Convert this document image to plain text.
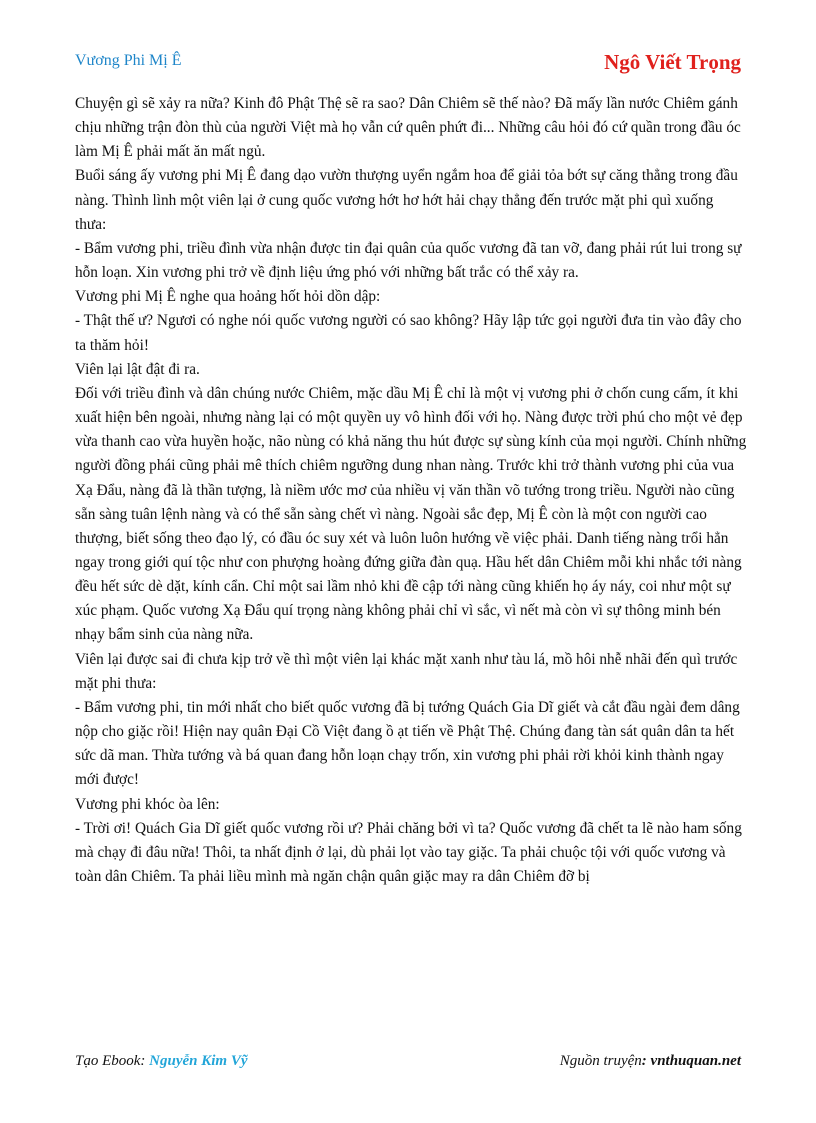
Vương Phi Mị Ê	Ngô Viết Trọng

Chuyện gì sẽ xảy ra nữa? Kinh đô Phật Thệ sẽ ra sao? Dân Chiêm sẽ thế nào? Đã mấy lần nước Chiêm gánh chịu những trận đòn thù của người Việt mà họ vẫn cứ quên phứt đi... Những câu hỏi đó cứ quần trong đầu óc làm Mị Ê phải mất ăn mất ngủ.

Buổi sáng ấy vương phi Mị Ê đang dạo vườn thượng uyển ngắm hoa để giải tỏa bớt sự căng thẳng trong đầu nàng. Thình lình một viên lại ở cung quốc vương hớt hơ hớt hải chạy thẳng đến trước mặt phi quì xuống thưa:

- Bẩm vương phi, triều đình vừa nhận được tin đại quân của quốc vương đã tan vỡ, đang phải rút lui trong sự hỗn loạn. Xin vương phi trở về định liệu ứng phó với những bất trắc có thể xảy ra.

Vương phi Mị Ê nghe qua hoảng hốt hỏi dồn dập:

- Thật thế ư? Ngươi có nghe nói quốc vương người có sao không? Hãy lập tức gọi người đưa tin vào đây cho ta thăm hỏi!

Viên lại lật đật đi ra.

Đối với triều đình và dân chúng nước Chiêm, mặc dầu Mị Ê chỉ là một vị vương phi ở chốn cung cấm, ít khi xuất hiện bên ngoài, nhưng nàng lại có một quyền uy vô hình đối với họ. Nàng được trời phú cho một vẻ đẹp vừa thanh cao vừa huyền hoặc, não nùng có khả năng thu hút được sự sùng kính của mọi người. Chính những người đồng phái cũng phải mê thích chiêm ngưỡng dung nhan nàng. Trước khi trở thành vương phi của vua Xạ Đẩu, nàng đã là thần tượng, là niềm ước mơ của nhiều vị văn thần võ tướng trong triều. Người nào cũng sẵn sàng tuân lệnh nàng và có thể sẵn sàng chết vì nàng. Ngoài sắc đẹp, Mị Ê còn là một con người cao thượng, biết sống theo đạo lý, có đầu óc suy xét và luôn luôn hướng về việc phải. Danh tiếng nàng trổi hẳn ngay trong giới quí tộc như con phượng hoàng đứng giữa đàn quạ. Hầu hết dân Chiêm mỗi khi nhắc tới nàng đều hết sức dè dặt, kính cẩn. Chỉ một sai lầm nhỏ khi đề cập tới nàng cũng khiến họ áy náy, coi như một sự xúc phạm. Quốc vương Xạ Đẩu quí trọng nàng không phải chỉ vì sắc, vì nết mà còn vì sự thông minh bén nhạy bẩm sinh của nàng nữa.

Viên lại được sai đi chưa kịp trở về thì một viên lại khác mặt xanh như tàu lá, mồ hôi nhễ nhãi đến quì trước mặt phi thưa:

- Bẩm vương phi, tin mới nhất cho biết quốc vương đã bị tướng Quách Gia Dĩ giết và cắt đầu ngài đem dâng nộp cho giặc rồi! Hiện nay quân Đại Cồ Việt đang ồ ạt tiến về Phật Thệ. Chúng đang tàn sát quân dân ta hết sức dã man. Thừa tướng và bá quan đang hỗn loạn chạy trốn, xin vương phi phải rời khỏi kinh thành ngay mới được!

Vương phi khóc òa lên:

- Trời ơi! Quách Gia Dĩ giết quốc vương rồi ư? Phải chăng bởi vì ta? Quốc vương đã chết ta lẽ nào ham sống mà chạy đi đâu nữa! Thôi, ta nhất định ở lại, dù phải lọt vào tay giặc. Ta phải chuộc tội với quốc vương và toàn dân Chiêm. Ta phải liều mình mà ngăn chận quân giặc may ra dân Chiêm đỡ bị

Tạo Ebook: Nguyễn Kim Vỹ	Nguồn truyện: vnthuquan.net
